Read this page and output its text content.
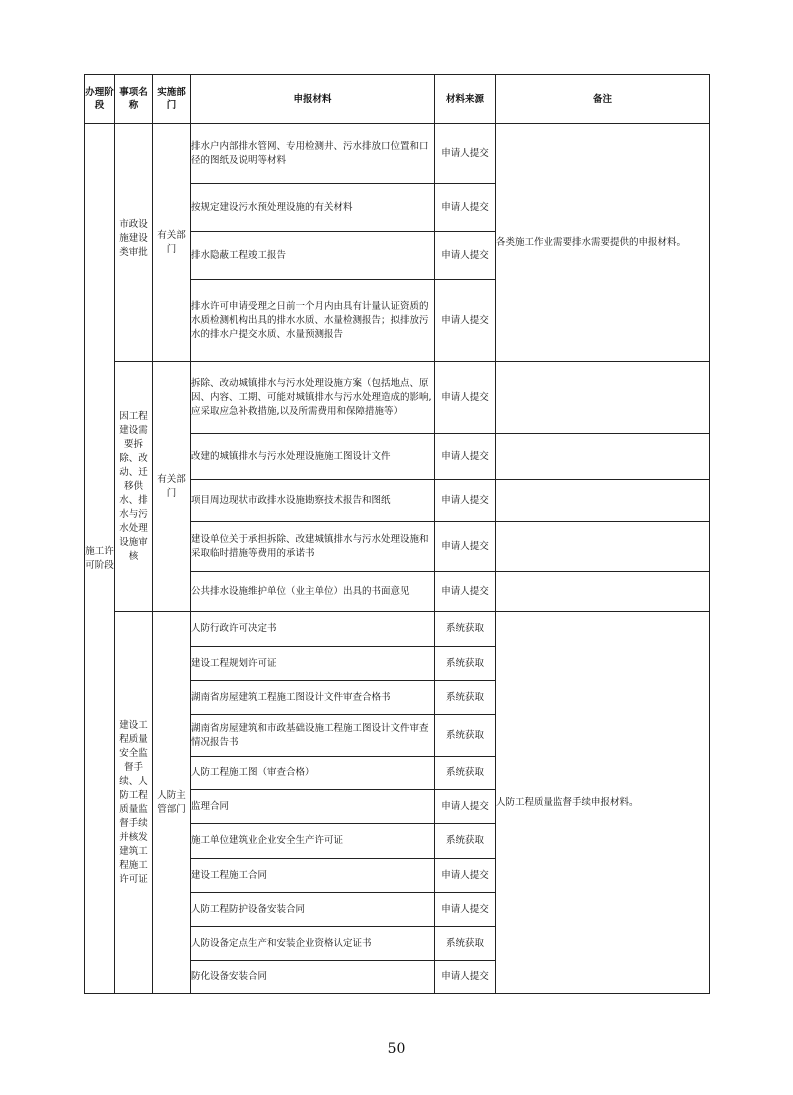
办理阶段	事项名称	实施部门	申报材料	材料来源	备注
施工许可阶段	市政设施建设类审批	有关部门	排水户内部排水管网、专用检测井、污水排放口位置和口径的图纸及说明等材料	申请人提交	各类施工作业需要排水需要提供的申报材料。
			按规定建设污水预处理设施的有关材料	申请人提交	
			排水隐蔽工程竣工报告	申请人提交	
			排水许可申请受理之日前一个月内由具有计量认证资质的水质检测机构出具的排水水质、水量检测报告；拟排放污水的排水户提交水质、水量预测报告	申请人提交	
	因工程建设需要拆除、改动、迁移供水、排水与污水处理设施审核	有关部门	拆除、改动城镇排水与污水处理设施方案（包括地点、原因、内容、工期、可能对城镇排水与污水处理造成的影响,应采取应急补救措施,以及所需费用和保障措施等）	申请人提交	
			改建的城镇排水与污水处理设施施工图设计文件	申请人提交	
			项目周边现状市政排水设施勘察技术报告和图纸	申请人提交	
			建设单位关于承担拆除、改建城镇排水与污水处理设施和采取临时措施等费用的承诺书	申请人提交	
			公共排水设施维护单位（业主单位）出具的书面意见	申请人提交	
	建设工程质量安全监督手续、人防工程质量监督手续并核发建筑工程施工许可证	人防主管部门	人防行政许可决定书	系统获取	人防工程质量监督手续申报材料。
			建设工程规划许可证	系统获取	
			湖南省房屋建筑工程施工图设计文件审查合格书	系统获取	
			湖南省房屋建筑和市政基础设施工程施工图设计文件审查情况报告书	系统获取	
			人防工程施工图（审查合格）	系统获取	
			监理合同	申请人提交	
			施工单位建筑业企业安全生产许可证	系统获取	
			建设工程施工合同	申请人提交	
			人防工程防护设备安装合同	申请人提交	
			人防设备定点生产和安装企业资格认定证书	系统获取	
			防化设备安装合同	申请人提交	
50
